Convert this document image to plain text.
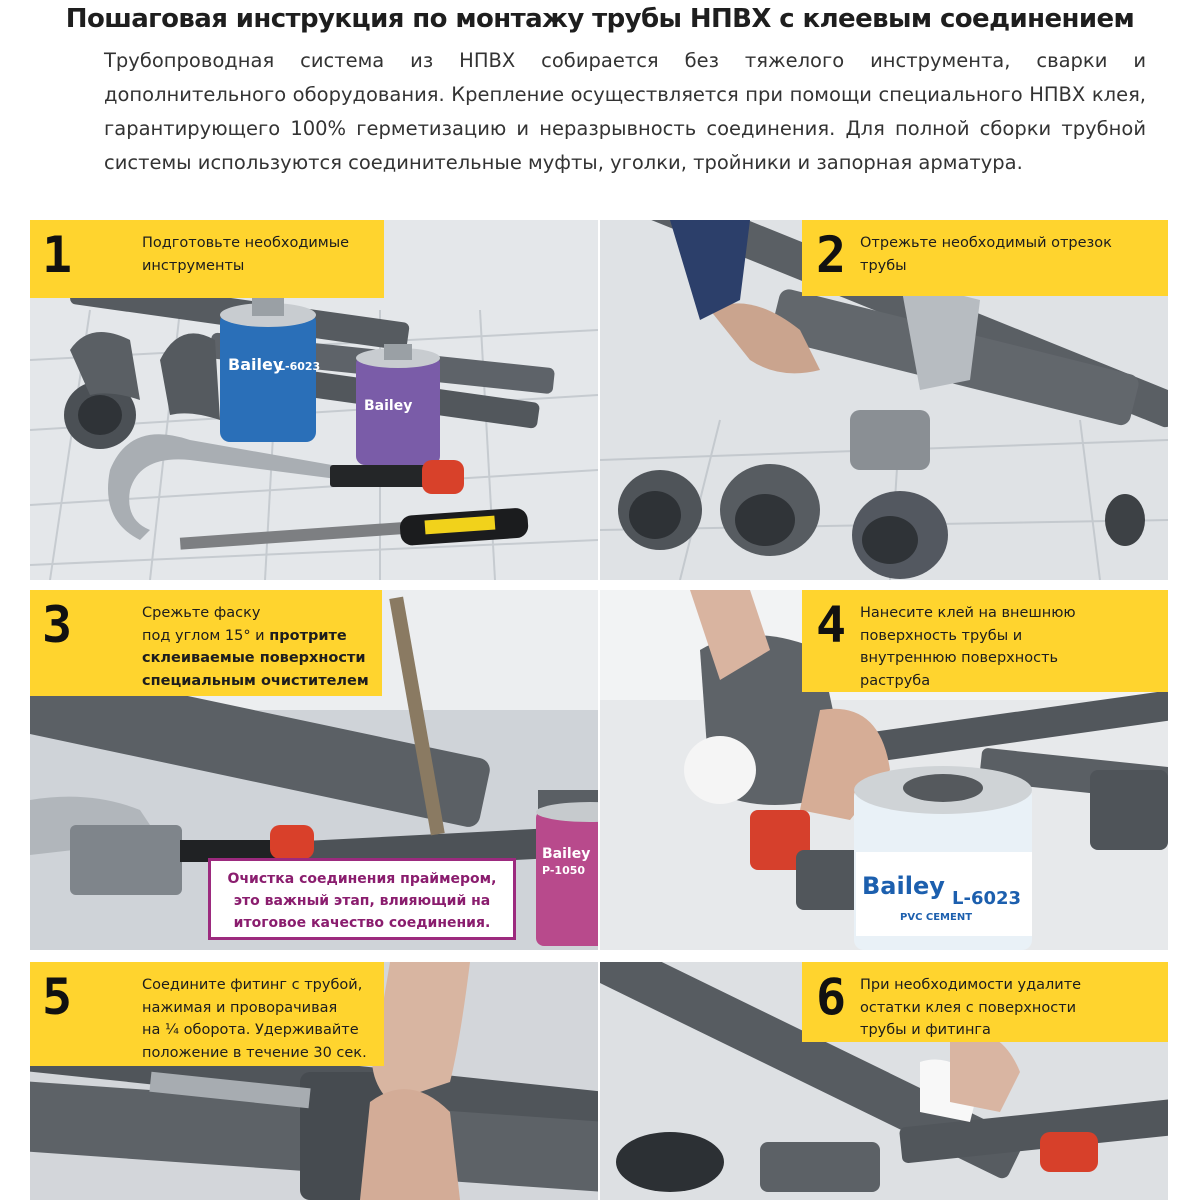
Пошаговая инструкция по монтажу трубы НПВХ с клеевым соединением
Трубопроводная система из НПВХ собирается без тяжелого инструмента, сварки и дополнительного оборудования. Крепление осуществляется при помощи специального НПВХ клея, гарантирующего 100% герметизацию и неразрывность соединения. Для полной сборки трубной системы используются соединительные муфты, уголки, тройники и запорная арматура.
Bailey
L-6023
Bailey
1	Подготовьте необходимые
инструменты	2 Отрежьте необходимый отрезок
трубы
Bailey
P-1050
3	Срежьте фаску
под углом 15° и протрите
склеиваемые поверхности
специальным очистителем
Очистка соединения праймером,
это важный этап, влияющий на
итоговое качество соединения.
Bailey L-6023
PVC CEMENT
4 Нанесите клей на внешнюю
поверхность трубы и
внутреннюю поверхность
раструба
5	Соедините фитинг с трубой,
нажимая и проворачивая
на ¼ оборота. Удерживайте
положение в течение 30 сек.
6 При необходимости удалите
остатки клея с поверхности
трубы и фитинга
